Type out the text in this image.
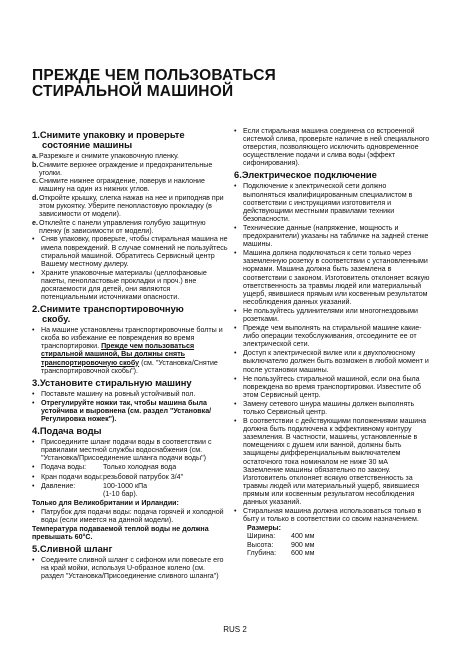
ПРЕЖДЕ ЧЕМ ПОЛЬЗОВАТЬСЯ
СТИРАЛЬНОЙ МАШИНОЙ
1.Снимите упаковку и проверьте
состояние машины
a. Разрежьте и снимите упаковочную пленку.
b. Снимите верхнее ограждение и предохранительные уголки.
c. Снимите нижнее ограждение, поверув и наклоние машину на один из нижних углов.
d. Откройте крышку, слегка нажав на нее и приподняв при этом рукоятку. Уберите пенопластовую прокладку (в зависимости от модели).
e. Отклейте с панели управления голубую защитную пленку (в зависимости от модели).
• Сняв упаковку, проверьте, чтобы стиральная машина не имела повреждений. В случае сомнений не пользуйтесь стиральной машиной. Обратитесь Сервисный центр Вашему местному дилеру.
• Храните упаковочные материалы (целлофановые пакеты, пенопластовые прокладки и проч.) вне досягаемости для детей, они являются потенциальными источниками опасности.
2.Снимите транспортировочную
скобу.
• На машине установлены транспортировочные болты и скоба во избежание ее повреждения во время транспортировки. Прежде чем пользоваться стиральной машиной, Вы должны снять транспортировочную скобу (см. "Установка/Снятие транспортировочной скобы").
3.Установите стиральную машину
• Поставьте машину на ровный устойчивый пол.
• Отрегулируйте ножки так, чтобы машина была устойчива и выровнена (см. раздел "Установка/Регулировка ножек").
4.Подача воды
• Присоедините шланг подачи воды в соответствии с правилами местной службы водоснабжения (см. "Установка/Присоединение шланга подачи воды")
• Подача воды:	Только холодная вода
• Кран подачи воды: резьбовой патрубок 3/4"
• Давление:	100-1000 кПа
(1-10 бар).
Только для Великобритании и Ирландии:
• Патрубок для подачи воды: подача горячей и холодной воды (если имеется на данной модели).
Температура подаваемой теплой воды не должна превышать 60°C.
5.Сливной шланг
• Соедините сливной шланг с сифоном или повесьте его на край мойки, используя U-образное колено (см. раздел "Установка/Присоединение сливного шланга")
• Если стиральная машина соединена со встроенной системой слива, проверьте наличие в ней специального отверстия, позволяющего исключить одновременное осуществление подачи и слива воды (эффект сифонирования).
6.Электрическое подключение
• Подключение к электрической сети должно выполняться квалифицированным специалистом в соответствии с инструкциями изготовителя и действующими местными правилами техники безопасности.
• Технические данные (напряжение, мощность и предохранители) указаны на табличке на задней стенке машины.
• Машина должна подключаться к сети только через заземленную розетку в соответствии с установленными нормами. Машина должна быть заземлена в соответствии с законом. Изготовитель отклоняет всякую ответственность за травмы людей или материальный ущерб, явившиеся прямым или косвенным результатом несоблюдения данных указаний.
• Не пользуйтесь удлинителями или многогнездовыми розетками.
• Прежде чем выполнять на стиральной машине какие-либо операции техобслуживания, отсоедините ее от электрической сети.
• Доступ к электрической вилке или к двухполюсному выключателю должен быть возможен в любой момент и после установки машины.
• Не пользуйтесь стиральной машиной, если она была повреждена во время транспортировки. Известите об этом Сервисный центр.
• Замену сетевого шнура машины должен выполнять только Сервисный центр.
• В соответствии с действующими положениями машина должна быть подключена к эффективному контуру заземления. В частности, машины, установленные в помещениях с душем или ванной, должны быть защищены дифференциальным выключателем остаточного тока номиналом не ниже 30 мА Заземление машины обязательно по закону. Изготовитель отклоняет всякую ответственность за травмы людей или материальный ущерб, явившиеся прямым или косвенным результатом несоблюдения данных указаний.
• Стиральная машина должна использоваться только в быту и только в соответствии со своим назначением.
Размеры:
Ширина:	400 мм
Высота:	900 мм
Глубина:	600 мм
RUS 2
